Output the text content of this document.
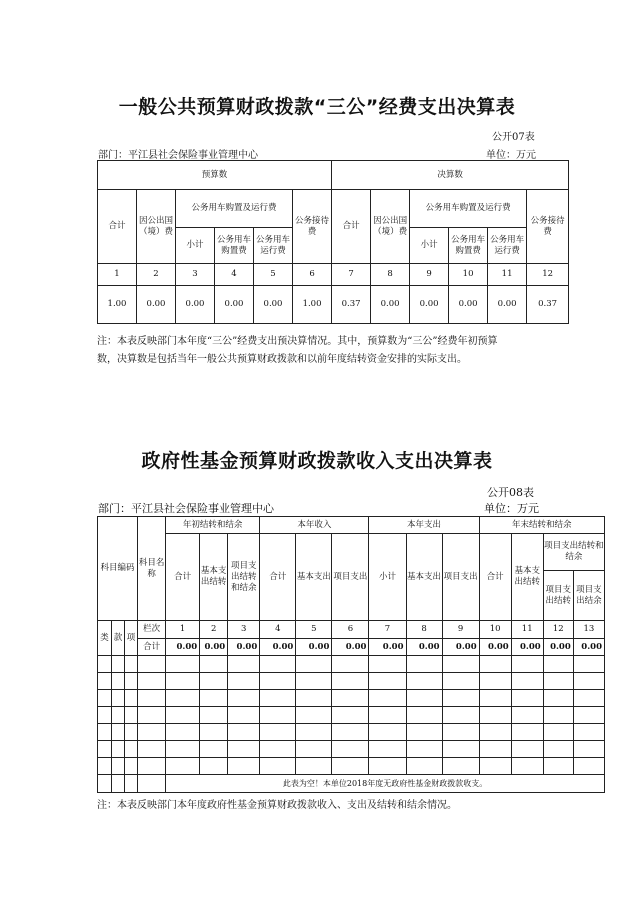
一般公共预算财政拨款“三公”经费支出决算表
公开07表
部门：平江县社会保险事业管理中心	单位：万元
预算数						决算数					
合计	因公出国（境）费	公务用车购置及运行费			公务接待费	合计	因公出国（境）费	公务用车购置及运行费			公务接待费
		小计	公务用车购置费	公务用车运行费				小计	公务用车购置费	公务用车运行费	
1	2	3	4	5	6	7	8	9	10	11	12
1.00	0.00	0.00	0.00	0.00	1.00	0.37	0.00	0.00	0.00	0.00	0.37
注：本表反映部门本年度“三公”经费支出预决算情况。其中，预算数为“三公”经费年初预算
数，决算数是包括当年一般公共预算财政拨款和以前年度结转资金安排的实际支出。
政府性基金预算财政拨款收入支出决算表
公开08表
部门：平江县社会保险事业管理中心	单位：万元
科目编码			科目名称	年初结转和结余			本年收入			本年支出			年末结转和结余			
				合计	基本支出结转	项目支出结转和结余	合计	基本支出	项目支出	小计	基本支出	项目支出	合计	基本支出结转	项目支出结转和结余	
															项目支出结转	项目支出结余
类	款	项	栏次	1	2	3	4	5	6	7	8	9	10	11	12	13
			合计	0.00	0.00	0.00	0.00	0.00	0.00	0.00	0.00	0.00	0.00	0.00	0.00	0.00

				此表为空！本单位2018年度无政府性基金财政拨款收支。												
注：本表反映部门本年度政府性基金预算财政拨款收入、支出及结转和结余情况。
